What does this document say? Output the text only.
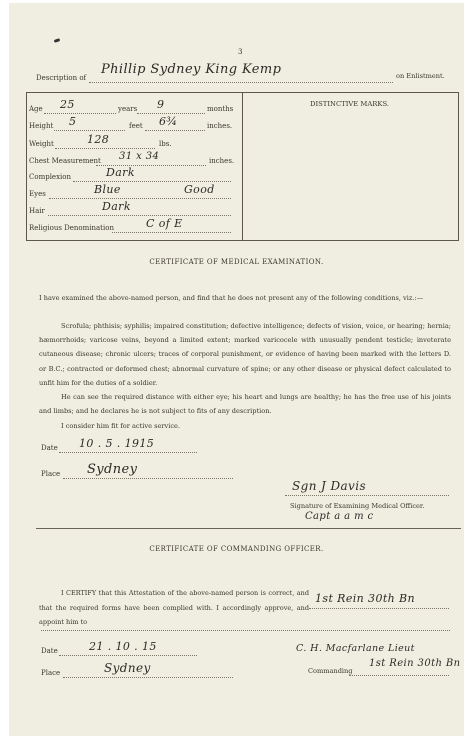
3
Description of
Phillip Sydney King Kemp	on Enlistment.
Age 25	years 9	months
Height 5	feet 6¾	inches.
Weight	128	lbs.
Chest Measurement 31 x 34	inches.
Complexion	Dark
Eyes	Blue	Good
Hair	Dark
Religious Denomination	C of E
DISTINCTIVE MARKS.
CERTIFICATE OF MEDICAL EXAMINATION.
I have examined the above-named person, and find that he does not present any of the following conditions, viz.:—
Scrofula; phthisis; syphilis; impaired constitution; defective intelligence; defects of vision, voice, or hearing; hernia; hæmorrhoids; varicose veins, beyond a limited extent; marked varicocele with unusually pendent testicle; inveterate cutaneous disease; chronic ulcers; traces of corporal punishment, or evidence of having been marked with the letters D. or B.C.; contracted or deformed chest; abnormal curvature of spine; or any other disease or physical defect calculated to unfit him for the duties of a soldier.
He can see the required distance with either eye; his heart and lungs are healthy; he has the free use of his joints and limbs; and he declares he is not subject to fits of any description.
I consider him fit for active service.
Date 10 . 5 . 1915
Place Sydney
Sgn J Davis
Signature of Examining Medical Officer.
Capt a a m c
CERTIFICATE OF COMMANDING OFFICER.
I CERTIFY that this Attestation of the above-named person is correct, and that the required forms have been complied with. I accordingly approve, and appoint him to
1st Rein 30th Bn
Date	21 . 10 . 15
Place	Sydney
C. H. Macfarlane Lieut
Commanding
1st Rein 30th Bn
